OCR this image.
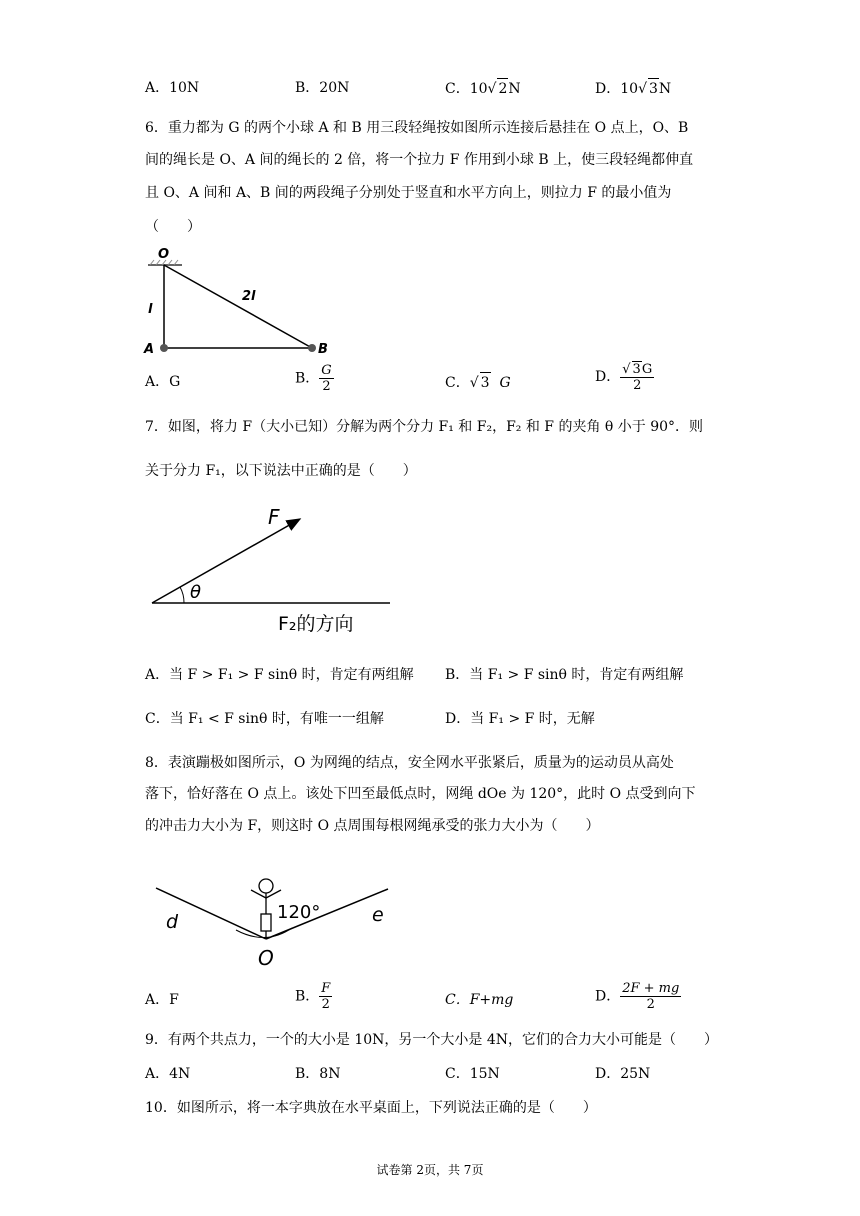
A．10N	B．20N	C．10√ 2N	D．10√ 3N
6．重力都为 G 的两个小球 A 和 B 用三段轻绳按如图所示连接后悬挂在 O 点上，O、B
间的绳长是 O、A 间的绳长的 2 倍，将一个拉力 F 作用到小球 B 上，使三段轻绳都伸直
且 O、A 间和 A、B 间的两段绳子分别处于竖直和水平方向上，则拉力 F 的最小值为
（　　）
O
l
2l
A	B
A．G	B． $\frac{G}{2}$	C．√ 3 G	D． $\frac{√ 3G}{2}$
7．如图，将力 F（大小已知）分解为两个分力 F₁ 和 F₂，F₂ 和 F 的夹角 θ 小于 90°．则
关于分力 F₁，以下说法中正确的是（　　）
F
θ
F₂的方向
A．当 F > F₁ > F sinθ 时，肯定有两组解 B．当 F₁ > F sinθ 时，肯定有两组解
C．当 F₁ < F sinθ 时，有唯一一组解	D．当 F₁ > F 时，无解
8．表演蹦极如图所示，O 为网绳的结点，安全网水平张紧后，质量为的运动员从高处
落下，恰好落在 O 点上。该处下凹至最低点时，网绳 dOe 为 120°，此时 O 点受到向下
的冲击力大小为 F，则这时 O 点周围每根网绳承受的张力大小为（　　）
120°
d	e
O
A．F	B． $\frac{F}{2}$	C．F+mg	D． $\frac{2F + mg}{2}$
9．有两个共点力，一个的大小是 10N，另一个大小是 4N，它们的合力大小可能是（　　）
A．4N	B．8N	C．15N	D．25N
10．如图所示，将一本字典放在水平桌面上，下列说法正确的是（　　）
试卷第 2页，共 7页
